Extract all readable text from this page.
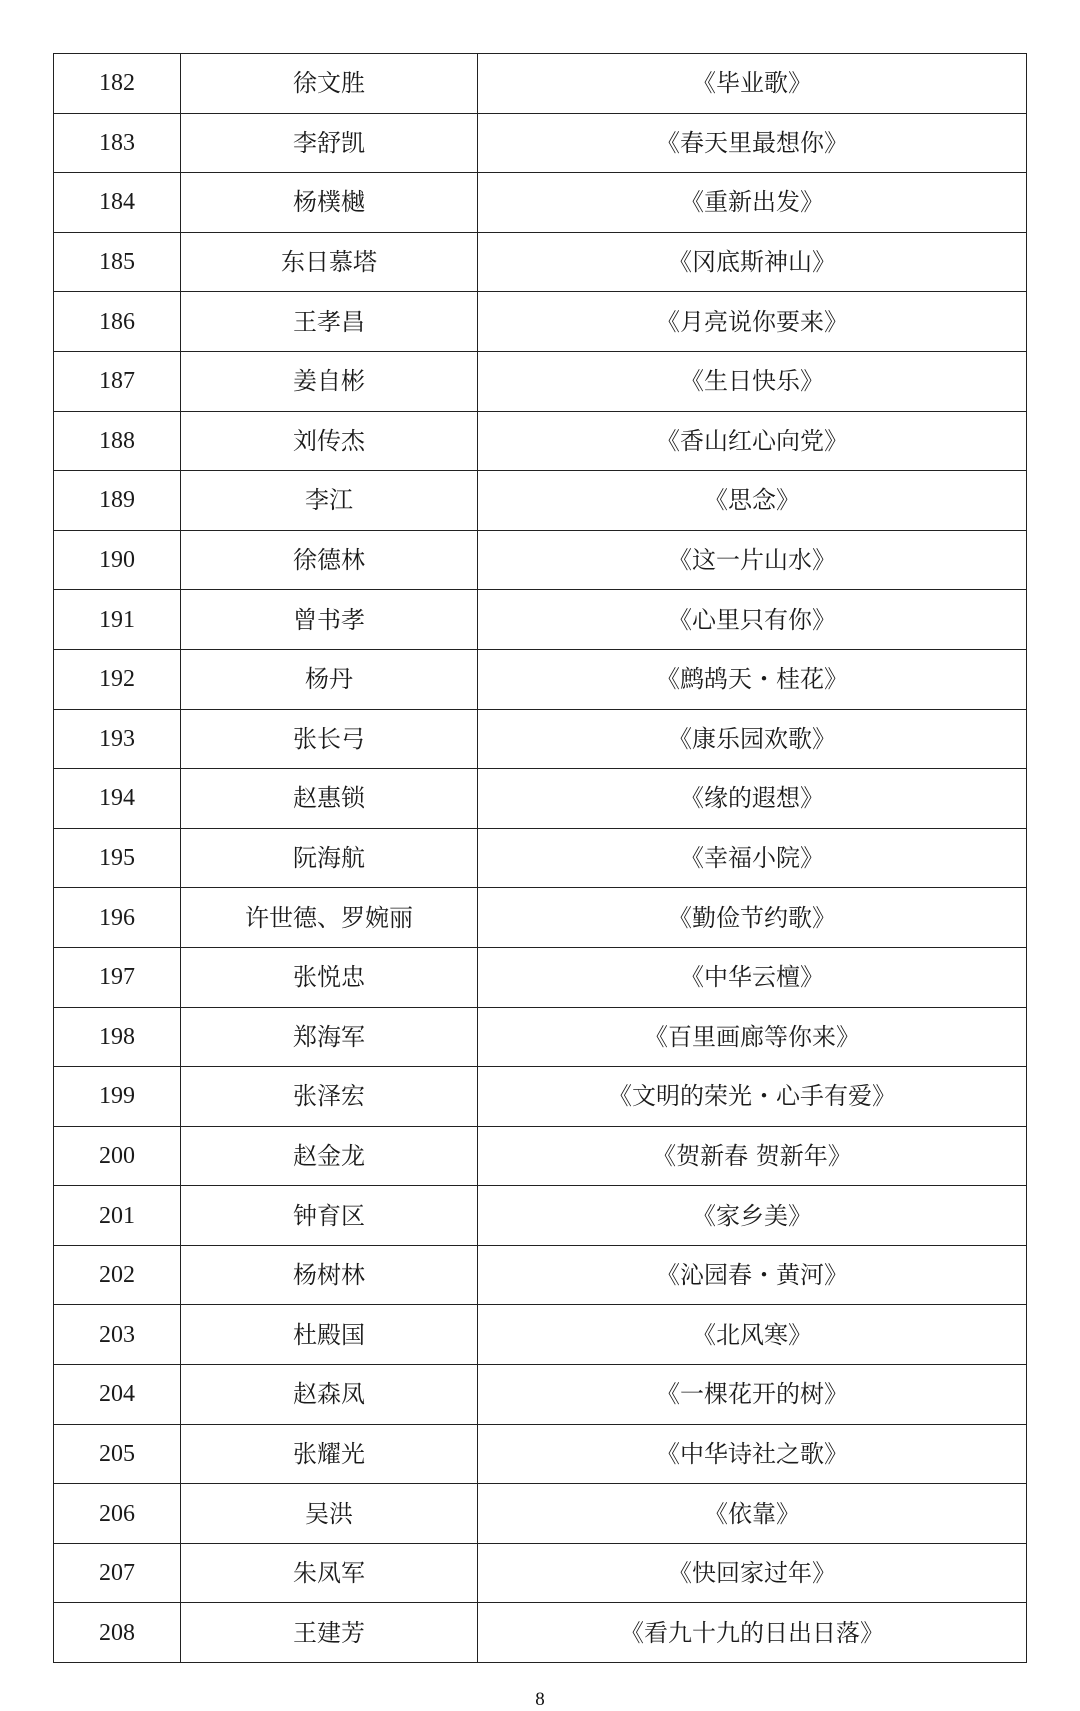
182	徐文胜	《毕业歌》
183	李舒凯	《春天里最想你》
184	杨樸樾	《重新出发》
185	东日慕塔	《冈底斯神山》
186	王孝昌	《月亮说你要来》
187	姜自彬	《生日快乐》
188	刘传杰	《香山红心向党》
189	李江	《思念》
190	徐德林	《这一片山水》
191	曾书孝	《心里只有你》
192	杨丹	《鹧鸪天・桂花》
193	张长弓	《康乐园欢歌》
194	赵惠锁	《缘的遐想》
195	阮海航	《幸福小院》
196	许世德、罗婉丽	《勤俭节约歌》
197	张悦忠	《中华云檀》
198	郑海军	《百里画廊等你来》
199	张泽宏	《文明的荣光・心手有爱》
200	赵金龙	《贺新春 贺新年》
201	钟育区	《家乡美》
202	杨树林	《沁园春・黄河》
203	杜殿国	《北风寒》
204	赵森凤	《一棵花开的树》
205	张耀光	《中华诗社之歌》
206	吴洪	《依靠》
207	朱凤军	《快回家过年》
208	王建芳	《看九十九的日出日落》
8
